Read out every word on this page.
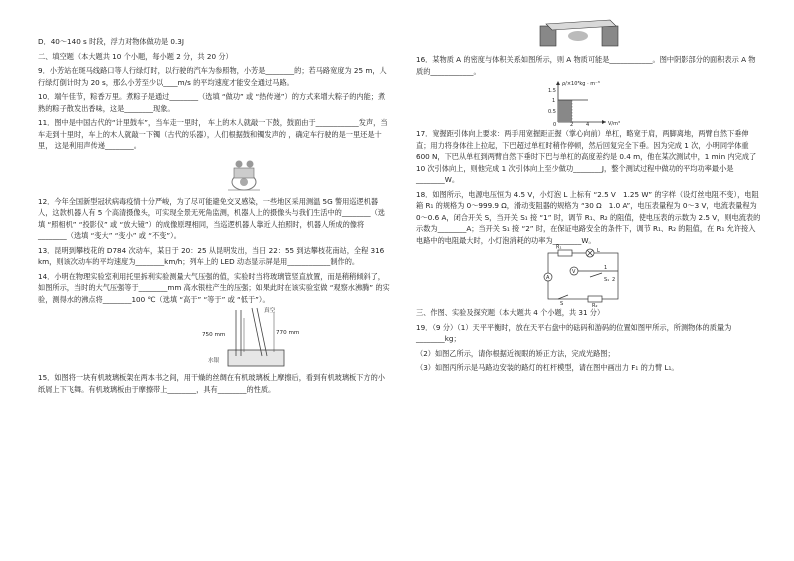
D．40～140 s 时段，浮力对物体做功是 0.3J

二、填空题（本大题共 10 个小题，每小题 2 分，共 20 分）

9．小芳站在斑马线路口等人行绿灯时，以行驶的汽车为参照物，小芳是________的；若马路宽度为 25 m，人行绿灯倒计时为 20 s，那么小芳至少以____m/s 的平均速度才能安全通过马路。

10．端午佳节，粽香万里。煮粽子是通过________（选填 “做功” 或 “热传递”）的方式来增大粽子的内能；煮熟的粽子散发出香味，这是________现象。

11．图中是中国古代的“计里鼓车”，当车走一里时， 车上的木人就敲一下鼓，鼓面由于____________发声，当车走到十里时，车上的木人就敲一下镯（古代的乐器），人们根据鼓和镯发声的 ，确定车行驶的是一里还是十里， 这是利用声传递________。

12．今年全国新型冠状病毒疫情十分严峻，为了尽可能避免交叉感染，一些地区采用测温 5G 警用巡逻机器人，这款机器人有 5 个高清摄像头，可实现全景无死角监测，机器人上的摄像头与我们生活中的________（选填 “照相机” “投影仪” 或 “放大镜”）的成像原理相同，当巡逻机器人靠近人拍照时，机器人所成的像将________（选填 “变大” “变小” 或 “不变”）。

13．昆明到攀枝花的 D784 次动车，某日于 20：25 从昆明发出，当日 22：55 到达攀枝花南站，全程 316 km，则该次动车的平均速度为________km/h；列车上的 LED 动态显示屏是用____________制作的。

14．小明在物理实验室利用托里拆利实验测量大气压强的值，实验时当将玻璃管竖直放置，而是稍稍倾斜了，如图所示，当时的大气压强等于________mm 高水银柱产生的压强；如果此时在该实验室做 “观察水沸腾” 的实验，测得水的沸点将________100 ℃（选填 “高于” “等于” 或 “低于”）。

真空
750 mm	770 mm
水银

15．如图将一块有机玻璃板架在两本书之间，用干燥的丝绸在有机玻璃板上摩擦后，看到有机玻璃板下方的小纸屑上下飞舞。有机玻璃板由于摩擦带上________，具有________的性质。

16．某物质 A 的密度与体积关系如图所示，则 A 物质可能是____________。图中阴影部分的面积表示 A 物质的____________。

ρ/×10³kg · m⁻³
V/m³
1.5
1
0.5
0	2	4

17．宽握距引体向上要求：两手用宽握距正握（掌心向前）单杠，略宽于肩，两脚离地，两臂自然下垂伸直；用力将身体往上拉起，下巴超过单杠时稍作停顿，然后回复完全下垂。因为完成 1 次，小明同学体重 600 N，下巴从单杠到两臂自然下垂时下巴与单杠的高度差约是 0.4 m，他在某次测试中，1 min 内完成了 10 次引体向上，则他完成 1 次引体向上至少做功________J，整个测试过程中做功的平均功率最小是________W。

18．如图所示，电源电压恒为 4.5 V，小灯泡 L 上标有 “2.5 V　1.25 W” 的字样（设灯丝电阻不变），电阻箱 R₁ 的规格为 0～999.9 Ω，滑动变阻器的规格为 “30 Ω　1.0 A”，电压表量程为 0～3 V，电流表量程为 0～0.6 A，闭合开关 S，当开关 S₁ 接 “1” 时，调节 R₁、R₂ 的阻值，使电压表的示数为 2.5 V，则电流表的示数为________A；当开关 S₁ 接 “2” 时，在保证电路安全的条件下，调节 R₁、R₂ 的阻值，在 R₁ 允许接入电路中的电阻最大时，小灯泡消耗的功率为________W。

R₁
L
A
V
R₂
S
S₁
1
2

三、作图、实验及探究题（本大题共 4 个小题，共 31 分）

19．（9 分）（1）天平平衡时，放在天平右盘中的砝码和游码的位置如图甲所示，所测物体的质量为________kg；

（2）如图乙所示，请你根据近视眼的矫正方法，完成光路图；

（3）如图丙所示是马路边安装的路灯的杠杆模型，请在图中画出力 F₁ 的力臂 L₁。
